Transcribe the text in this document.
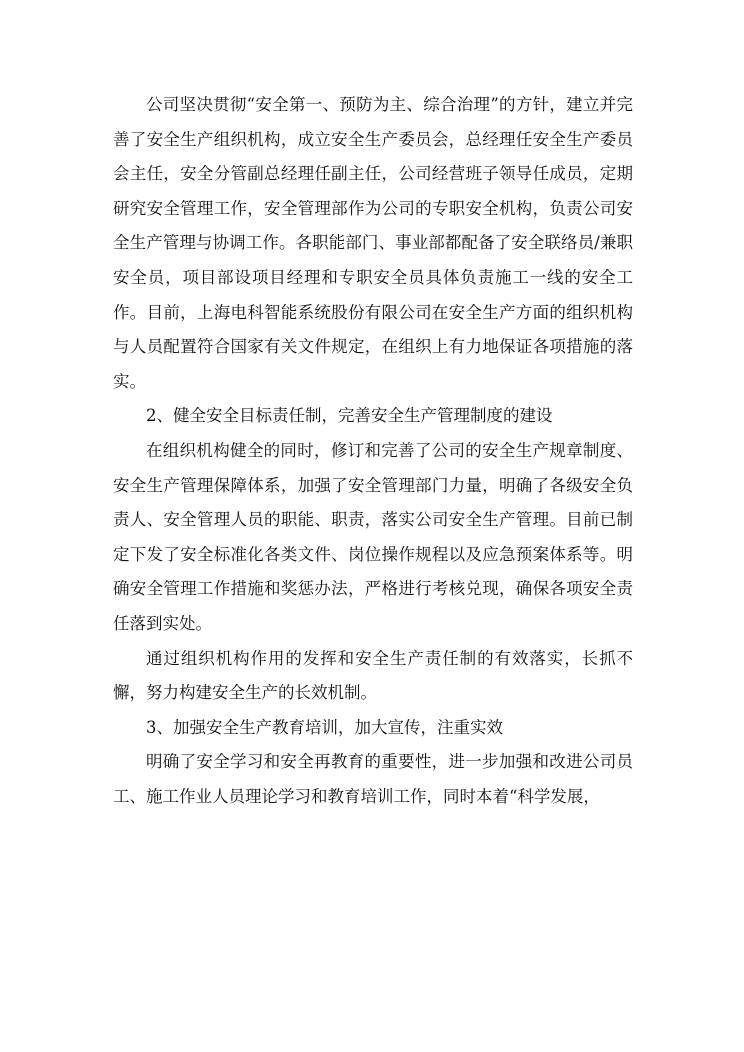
公司坚决贯彻“安全第一、预防为主、综合治理”的方针，建立并完善了安全生产组织机构，成立安全生产委员会，总经理任安全生产委员会主任，安全分管副总经理任副主任，公司经营班子领导任成员，定期研究安全管理工作，安全管理部作为公司的专职安全机构，负责公司安全生产管理与协调工作。各职能部门、事业部都配备了安全联络员/兼职安全员，项目部设项目经理和专职安全员具体负责施工一线的安全工作。目前，上海电科智能系统股份有限公司在安全生产方面的组织机构与人员配置符合国家有关文件规定，在组织上有力地保证各项措施的落实。

2、健全安全目标责任制，完善安全生产管理制度的建设

在组织机构健全的同时，修订和完善了公司的安全生产规章制度、安全生产管理保障体系，加强了安全管理部门力量，明确了各级安全负责人、安全管理人员的职能、职责，落实公司安全生产管理。目前已制定下发了安全标准化各类文件、岗位操作规程以及应急预案体系等。明确安全管理工作措施和奖惩办法，严格进行考核兑现，确保各项安全责任落到实处。

通过组织机构作用的发挥和安全生产责任制的有效落实，长抓不懈，努力构建安全生产的长效机制。

3、加强安全生产教育培训，加大宣传，注重实效

明确了安全学习和安全再教育的重要性，进一步加强和改进公司员工、施工作业人员理论学习和教育培训工作，同时本着“科学发展，
